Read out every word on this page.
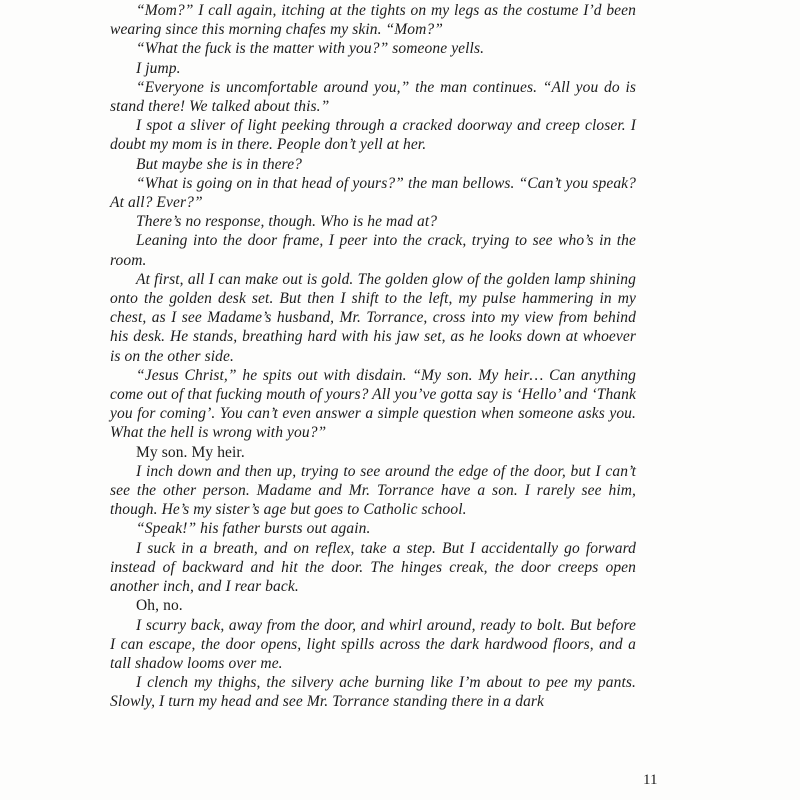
“Mom?” I call again, itching at the tights on my legs as the costume I’d been wearing since this morning chafes my skin. “Mom?”

“What the fuck is the matter with you?” someone yells.

I jump.

“Everyone is uncomfortable around you,” the man continues. “All you do is stand there! We talked about this.”

I spot a sliver of light peeking through a cracked doorway and creep closer. I doubt my mom is in there. People don’t yell at her.

But maybe she is in there?

“What is going on in that head of yours?” the man bellows. “Can’t you speak? At all? Ever?”

There’s no response, though. Who is he mad at?

Leaning into the door frame, I peer into the crack, trying to see who’s in the room.

At first, all I can make out is gold. The golden glow of the golden lamp shining onto the golden desk set. But then I shift to the left, my pulse hammering in my chest, as I see Madame’s husband, Mr. Torrance, cross into my view from behind his desk. He stands, breathing hard with his jaw set, as he looks down at whoever is on the other side.

“Jesus Christ,” he spits out with disdain. “My son. My heir… Can anything come out of that fucking mouth of yours? All you’ve gotta say is ‘Hello’ and ‘Thank you for coming’. You can’t even answer a simple question when someone asks you. What the hell is wrong with you?”

My son. My heir.

I inch down and then up, trying to see around the edge of the door, but I can’t see the other person. Madame and Mr. Torrance have a son. I rarely see him, though. He’s my sister’s age but goes to Catholic school.

“Speak!” his father bursts out again.

I suck in a breath, and on reflex, take a step. But I accidentally go forward instead of backward and hit the door. The hinges creak, the door creeps open another inch, and I rear back.

Oh, no.

I scurry back, away from the door, and whirl around, ready to bolt. But before I can escape, the door opens, light spills across the dark hardwood floors, and a tall shadow looms over me.

I clench my thighs, the silvery ache burning like I’m about to pee my pants. Slowly, I turn my head and see Mr. Torrance standing there in a dark

11
